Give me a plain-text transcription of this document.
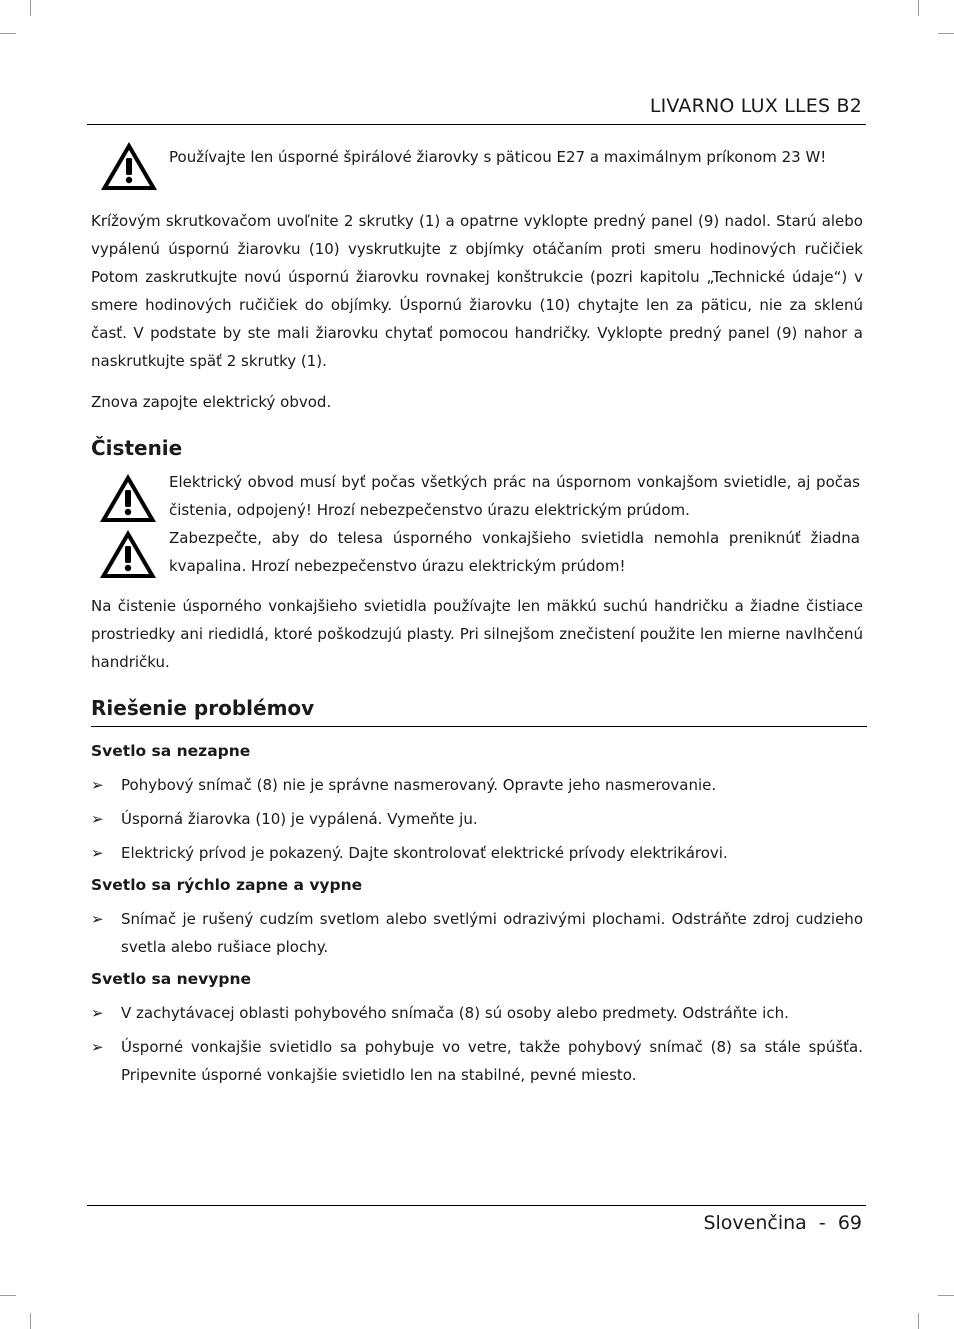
LIVARNO LUX LLES B2

Používajte len úsporné špirálové žiarovky s päticou E27 a maximálnym príkonom 23 W!

Krížovým skrutkovačom uvoľnite 2 skrutky (1) a opatrne vyklopte predný panel (9) nadol. Starú alebo vypálenú úspornú žiarovku (10) vyskrutkujte z objímky otáčaním proti smeru hodinových ručičiek Potom zaskrutkujte novú úspornú žiarovku rovnakej konštrukcie (pozri kapitolu „Technické údaje“) v smere hodinových ručičiek do objímky. Úspornú žiarovku (10) chytajte len za päticu, nie za sklenú časť. V podstate by ste mali žiarovku chytať pomocou handričky. Vyklopte predný panel (9) nahor a naskrutkujte späť 2 skrutky (1).

Znova zapojte elektrický obvod.

Čistenie

Elektrický obvod musí byť počas všetkých prác na úspornom vonkajšom svietidle, aj počas čistenia, odpojený! Hrozí nebezpečenstvo úrazu elektrickým prúdom.

Zabezpečte, aby do telesa úsporného vonkajšieho svietidla nemohla preniknúť žiadna kvapalina. Hrozí nebezpečenstvo úrazu elektrickým prúdom!

Na čistenie úsporného vonkajšieho svietidla používajte len mäkkú suchú handričku a žiadne čistiace prostriedky ani riedidlá, ktoré poškodzujú plasty. Pri silnejšom znečistení použite len mierne navlhčenú handričku.

Riešenie problémov
Svetlo sa nezapne
➢ Pohybový snímač (8) nie je správne nasmerovaný. Opravte jeho nasmerovanie.
➢ Úsporná žiarovka (10) je vypálená. Vymeňte ju.
➢ Elektrický prívod je pokazený. Dajte skontrolovať elektrické prívody elektrikárovi.
Svetlo sa rýchlo zapne a vypne
➢ Snímač je rušený cudzím svetlom alebo svetlými odrazivými plochami. Odstráňte zdroj cudzieho svetla alebo rušiace plochy.
Svetlo sa nevypne
➢ V zachytávacej oblasti pohybového snímača (8) sú osoby alebo predmety. Odstráňte ich.
➢ Úsporné vonkajšie svietidlo sa pohybuje vo vetre, takže pohybový snímač (8) sa stále spúšťa. Pripevnite úsporné vonkajšie svietidlo len na stabilné, pevné miesto.
Slovenčina  -  69
